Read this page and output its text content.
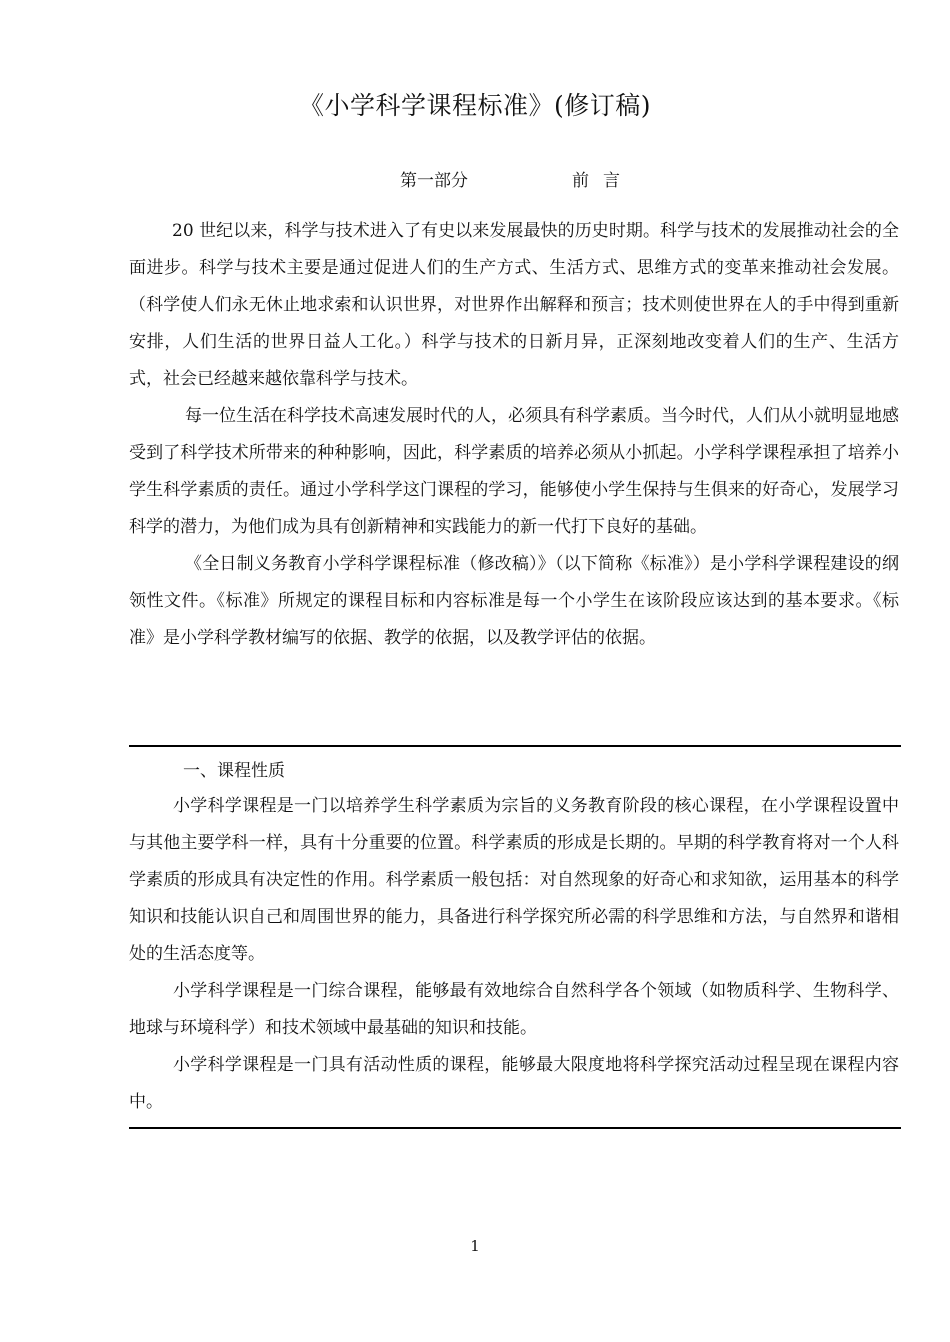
《小学科学课程标准》(修订稿)
第一部分	前言

20 世纪以来，科学与技术进入了有史以来发展最快的历史时期。科学与技术的发展推动社会的全面进步。科学与技术主要是通过促进人们的生产方式、生活方式、思维方式的变革来推动社会发展。（科学使人们永无休止地求索和认识世界，对世界作出解释和预言；技术则使世界在人的手中得到重新安排，人们生活的世界日益人工化。）科学与技术的日新月异，正深刻地改变着人们的生产、生活方式，社会已经越来越依靠科学与技术。

每一位生活在科学技术高速发展时代的人，必须具有科学素质。当今时代，人们从小就明显地感受到了科学技术所带来的种种影响，因此，科学素质的培养必须从小抓起。小学科学课程承担了培养小学生科学素质的责任。通过小学科学这门课程的学习，能够使小学生保持与生俱来的好奇心，发展学习科学的潜力，为他们成为具有创新精神和实践能力的新一代打下良好的基础。

《全日制义务教育小学科学课程标准（修改稿）》（以下简称《标准》）是小学科学课程建设的纲领性文件。《标准》所规定的课程目标和内容标准是每一个小学生在该阶段应该达到的基本要求。《标准》是小学科学教材编写的依据、教学的依据，以及教学评估的依据。

一、课程性质

小学科学课程是一门以培养学生科学素质为宗旨的义务教育阶段的核心课程，在小学课程设置中与其他主要学科一样，具有十分重要的位置。科学素质的形成是长期的。早期的科学教育将对一个人科学素质的形成具有决定性的作用。科学素质一般包括：对自然现象的好奇心和求知欲，运用基本的科学知识和技能认识自己和周围世界的能力，具备进行科学探究所必需的科学思维和方法，与自然界和谐相处的生活态度等。

小学科学课程是一门综合课程，能够最有效地综合自然科学各个领域（如物质科学、生物科学、地球与环境科学）和技术领域中最基础的知识和技能。

小学科学课程是一门具有活动性质的课程，能够最大限度地将科学探究活动过程呈现在课程内容中。

1
